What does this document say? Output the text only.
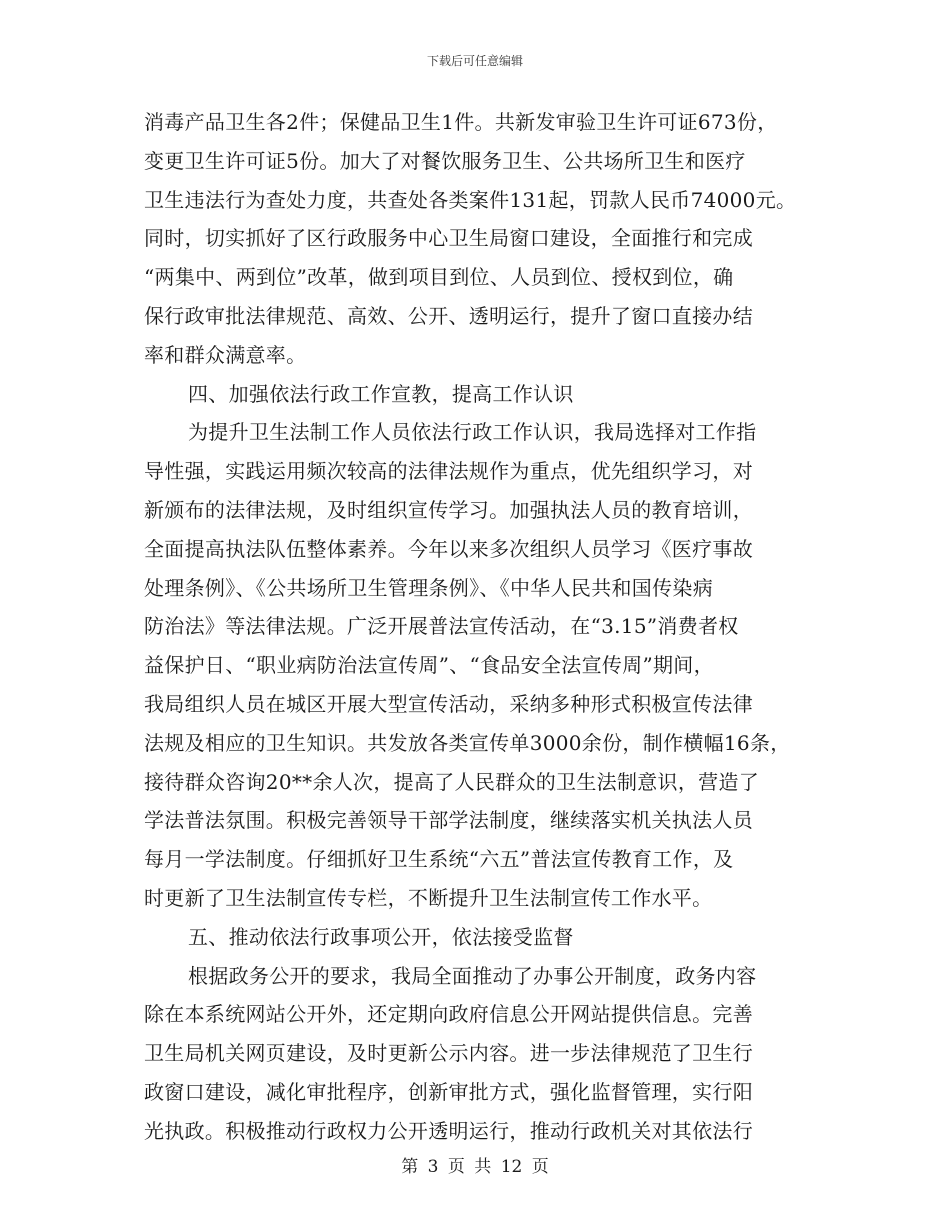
下载后可任意编辑
消毒产品卫生各2件；保健品卫生1件。共新发审验卫生许可证673份，
变更卫生许可证5份。加大了对餐饮服务卫生、公共场所卫生和医疗
卫生违法行为查处力度，共查处各类案件131起，罚款人民币74000元。
同时，切实抓好了区行政服务中心卫生局窗口建设，全面推行和完成
“两集中、两到位”改革，做到项目到位、人员到位、授权到位，确
保行政审批法律规范、高效、公开、透明运行，提升了窗口直接办结
率和群众满意率。
四、加强依法行政工作宣教，提高工作认识
为提升卫生法制工作人员依法行政工作认识，我局选择对工作指
导性强，实践运用频次较高的法律法规作为重点，优先组织学习，对
新颁布的法律法规，及时组织宣传学习。加强执法人员的教育培训，
全面提高执法队伍整体素养。今年以来多次组织人员学习《医疗事故
处理条例》、《公共场所卫生管理条例》、《中华人民共和国传染病
防治法》等法律法规。广泛开展普法宣传活动，在“3.15”消费者权
益保护日、“职业病防治法宣传周”、“食品安全法宣传周”期间，
我局组织人员在城区开展大型宣传活动，采纳多种形式积极宣传法律
法规及相应的卫生知识。共发放各类宣传单3000余份，制作横幅16条，
接待群众咨询20**余人次，提高了人民群众的卫生法制意识，营造了
学法普法氛围。积极完善领导干部学法制度，继续落实机关执法人员
每月一学法制度。仔细抓好卫生系统“六五”普法宣传教育工作，及
时更新了卫生法制宣传专栏，不断提升卫生法制宣传工作水平。
五、推动依法行政事项公开，依法接受监督
根据政务公开的要求，我局全面推动了办事公开制度，政务内容
除在本系统网站公开外，还定期向政府信息公开网站提供信息。完善
卫生局机关网页建设，及时更新公示内容。进一步法律规范了卫生行
政窗口建设，减化审批程序，创新审批方式，强化监督管理，实行阳
光执政。积极推动行政权力公开透明运行，推动行政机关对其依法行
第 3 页 共 12 页
